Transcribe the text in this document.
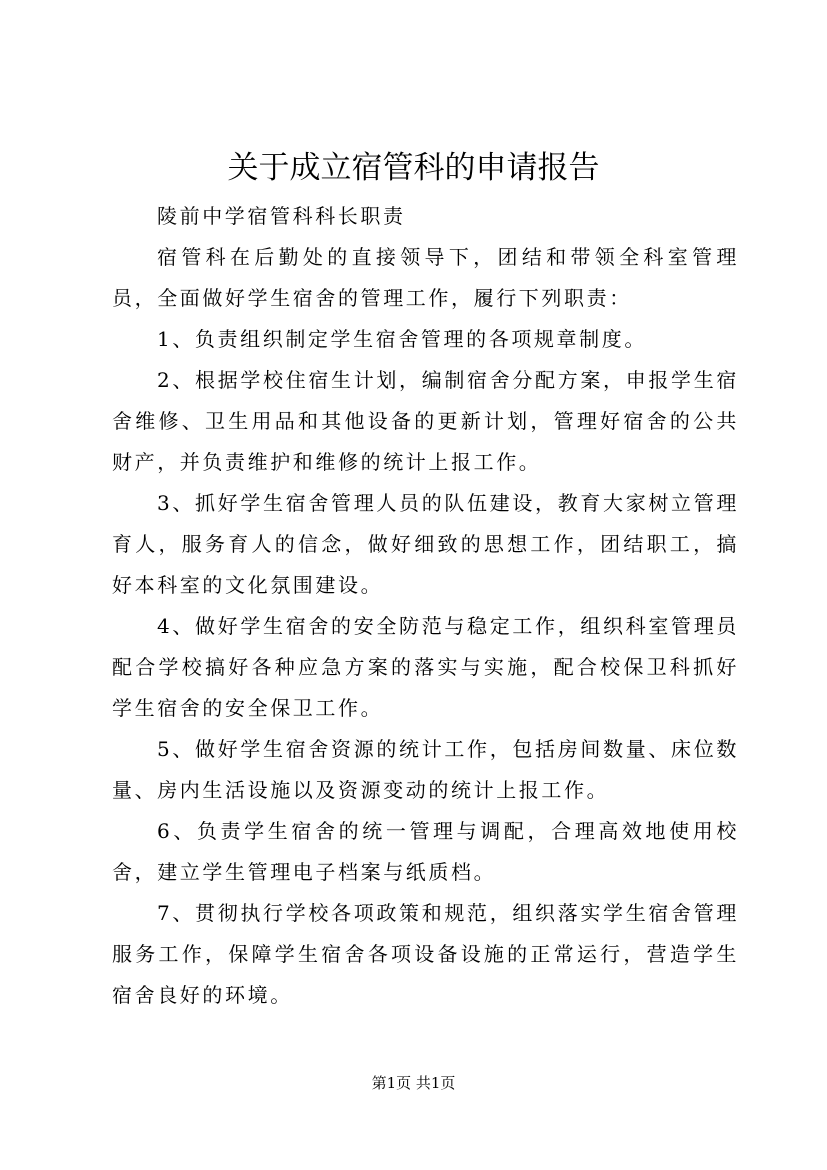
关于成立宿管科的申请报告

陵前中学宿管科科长职责

宿管科在后勤处的直接领导下，团结和带领全科室管理员，全面做好学生宿舍的管理工作，履行下列职责：

1、负责组织制定学生宿舍管理的各项规章制度。

2、根据学校住宿生计划，编制宿舍分配方案，申报学生宿舍维修、卫生用品和其他设备的更新计划，管理好宿舍的公共财产，并负责维护和维修的统计上报工作。

3、抓好学生宿舍管理人员的队伍建设，教育大家树立管理育人，服务育人的信念，做好细致的思想工作，团结职工，搞好本科室的文化氛围建设。

4、做好学生宿舍的安全防范与稳定工作，组织科室管理员配合学校搞好各种应急方案的落实与实施，配合校保卫科抓好学生宿舍的安全保卫工作。

5、做好学生宿舍资源的统计工作，包括房间数量、床位数量、房内生活设施以及资源变动的统计上报工作。

6、负责学生宿舍的统一管理与调配，合理高效地使用校舍，建立学生管理电子档案与纸质档。

7、贯彻执行学校各项政策和规范，组织落实学生宿舍管理服务工作，保障学生宿舍各项设备设施的正常运行，营造学生宿舍良好的环境。

第1页 共1页
